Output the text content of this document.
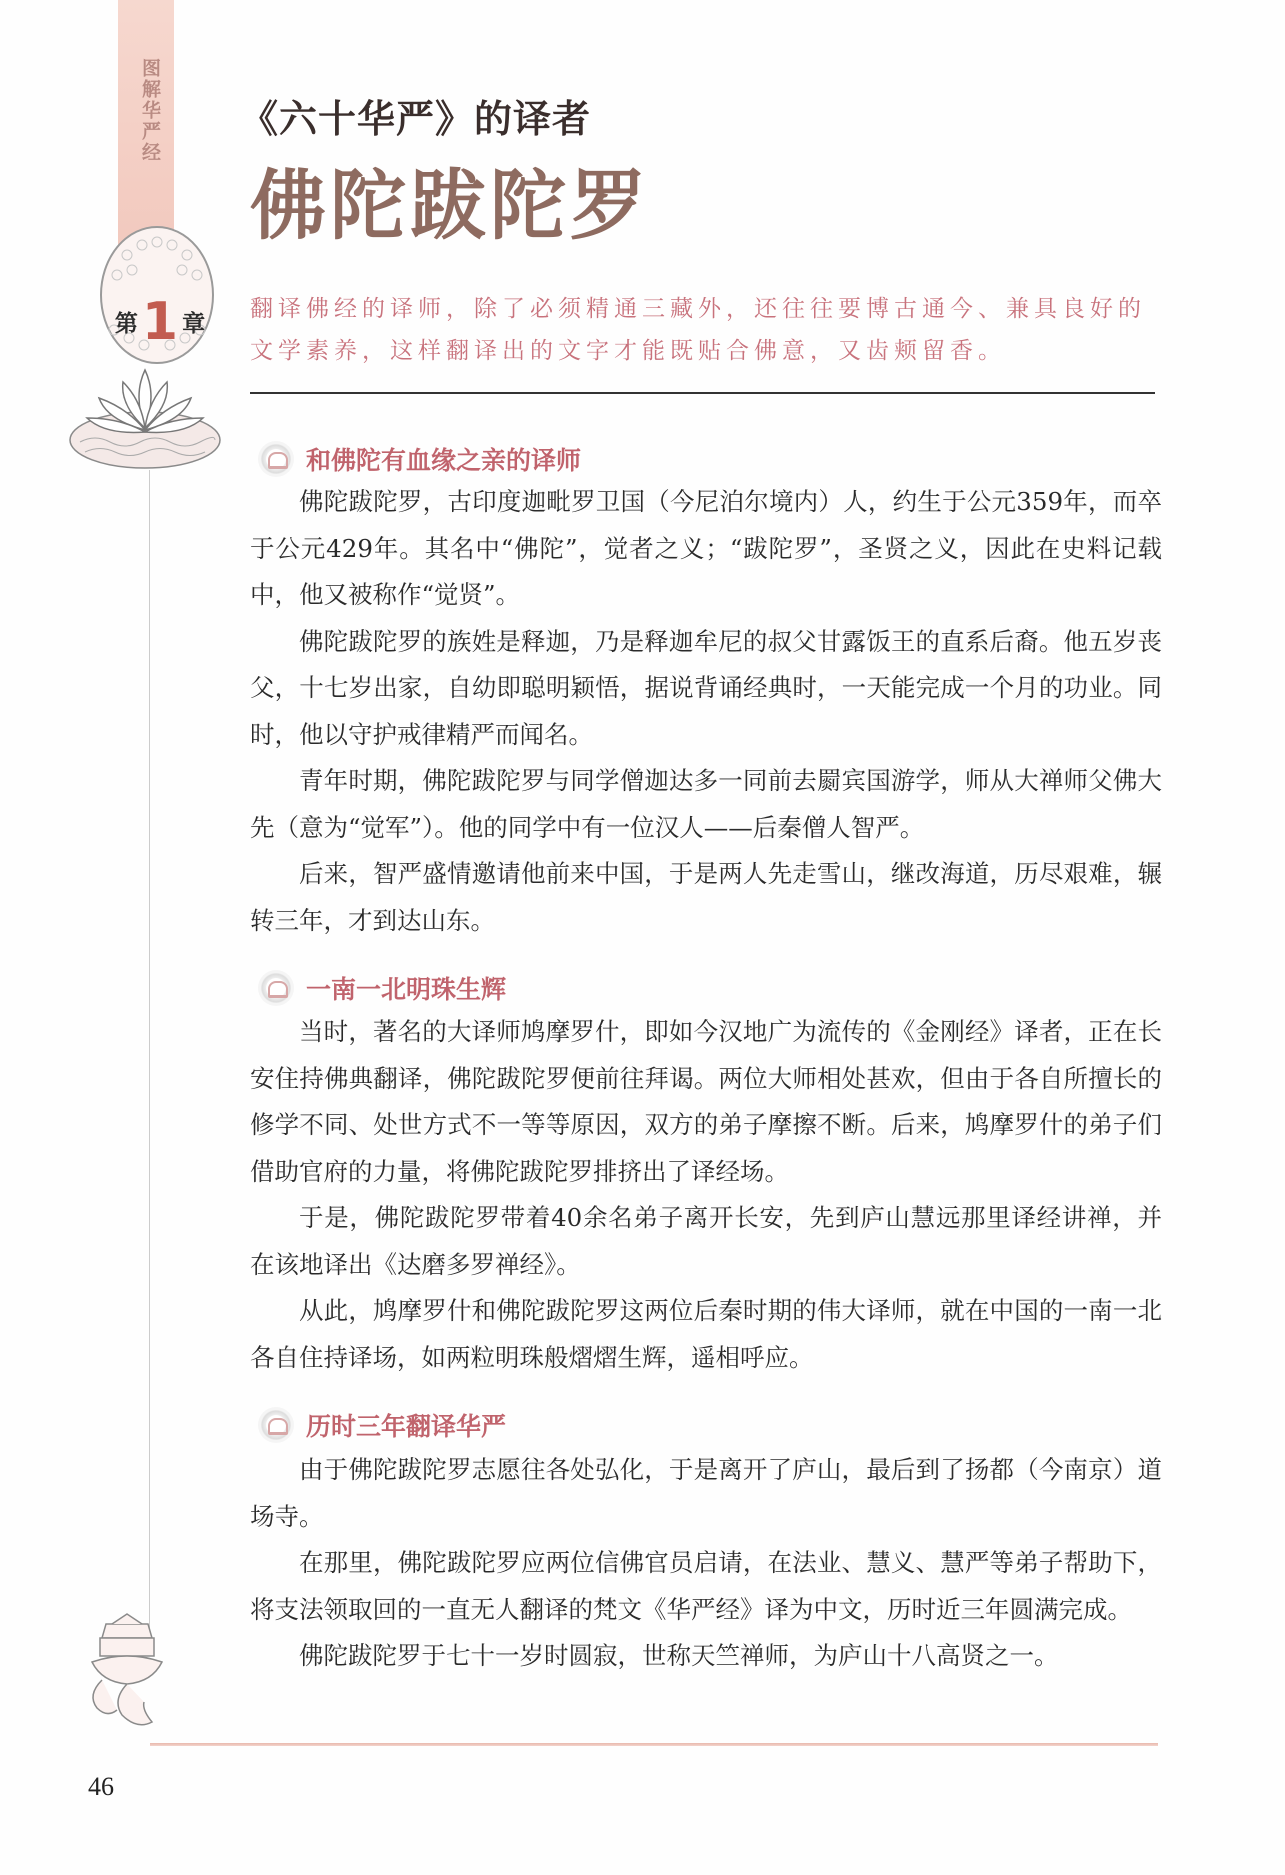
图解华严经
第1 章
《六十华严》的译者
佛陀跋陀罗
翻译佛经的译师，除了必须精通三藏外，还往往要博古通今、兼具良好的文学素养，这样翻译出的文字才能既贴合佛意，又齿颊留香。
和佛陀有血缘之亲的译师

佛陀跋陀罗，古印度迦毗罗卫国（今尼泊尔境内）人，约生于公元359年，而卒于公元429年。其名中“佛陀”，觉者之义；“跋陀罗”，圣贤之义，因此在史料记载中，他又被称作“觉贤”。

佛陀跋陀罗的族姓是释迦，乃是释迦牟尼的叔父甘露饭王的直系后裔。他五岁丧父，十七岁出家，自幼即聪明颖悟，据说背诵经典时，一天能完成一个月的功业。同时，他以守护戒律精严而闻名。

青年时期，佛陀跋陀罗与同学僧迦达多一同前去罽宾国游学，师从大禅师父佛大先（意为“觉军”）。他的同学中有一位汉人——后秦僧人智严。

后来，智严盛情邀请他前来中国，于是两人先走雪山，继改海道，历尽艰难，辗转三年，才到达山东。

一南一北明珠生辉

当时，著名的大译师鸠摩罗什，即如今汉地广为流传的《金刚经》译者，正在长安住持佛典翻译，佛陀跋陀罗便前往拜谒。两位大师相处甚欢，但由于各自所擅长的修学不同、处世方式不一等等原因，双方的弟子摩擦不断。后来，鸠摩罗什的弟子们借助官府的力量，将佛陀跋陀罗排挤出了译经场。

于是，佛陀跋陀罗带着40余名弟子离开长安，先到庐山慧远那里译经讲禅，并在该地译出《达磨多罗禅经》。

从此，鸠摩罗什和佛陀跋陀罗这两位后秦时期的伟大译师，就在中国的一南一北各自住持译场，如两粒明珠般熠熠生辉，遥相呼应。

历时三年翻译华严

由于佛陀跋陀罗志愿往各处弘化，于是离开了庐山，最后到了扬都（今南京）道场寺。

在那里，佛陀跋陀罗应两位信佛官员启请，在法业、慧义、慧严等弟子帮助下，将支法领取回的一直无人翻译的梵文《华严经》译为中文，历时近三年圆满完成。

佛陀跋陀罗于七十一岁时圆寂，世称天竺禅师，为庐山十八高贤之一。

46
